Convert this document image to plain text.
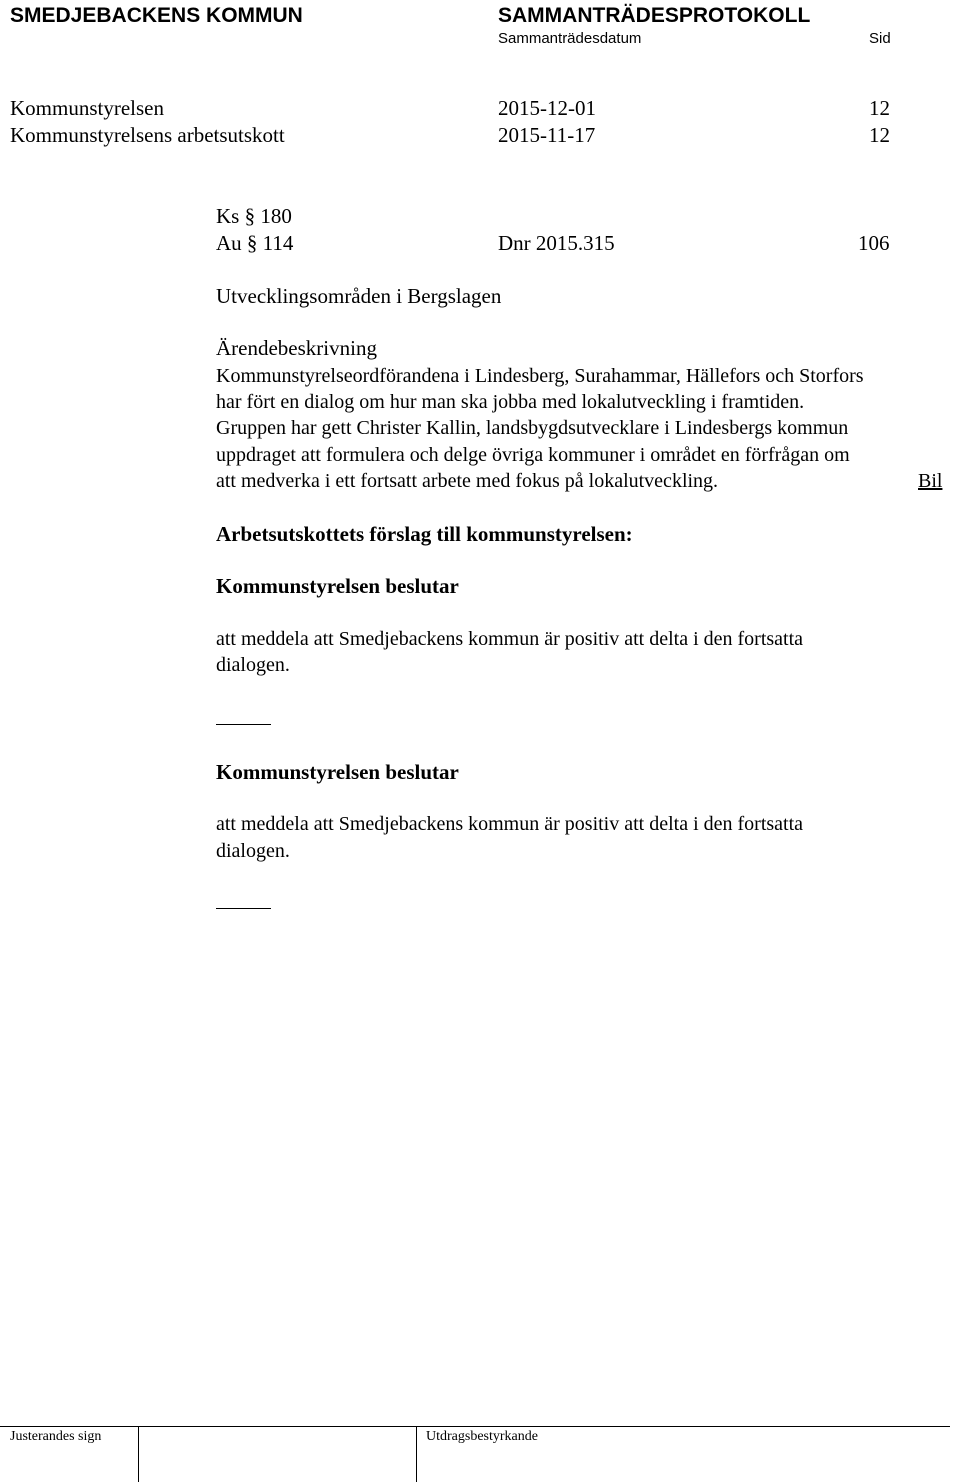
SMEDJEBACKENS KOMMUN	SAMMANTRÄDESPROTOKOLL
Sammanträdesdatum	Sid
Kommunstyrelsen	2015-12-01	12
Kommunstyrelsens arbetsutskott	2015-11-17	12
Ks § 180
Au § 114	Dnr 2015.315	106
Utvecklingsområden i Bergslagen
Ärendebeskrivning
Kommunstyrelseordförandena i Lindesberg, Surahammar, Hällefors och Storfors
har fört en dialog om hur man ska jobba med lokalutveckling i framtiden.
Gruppen har gett Christer Kallin, landsbygdsutvecklare i Lindesbergs kommun
uppdraget att formulera och delge övriga kommuner i området en förfrågan om
att medverka i ett fortsatt arbete med fokus på lokalutveckling.	Bil
Arbetsutskottets förslag till kommunstyrelsen:
Kommunstyrelsen beslutar
att meddela att Smedjebackens kommun är positiv att delta i den fortsatta
dialogen.
Kommunstyrelsen beslutar
att meddela att Smedjebackens kommun är positiv att delta i den fortsatta
dialogen.
Justerandes sign	Utdragsbestyrkande
